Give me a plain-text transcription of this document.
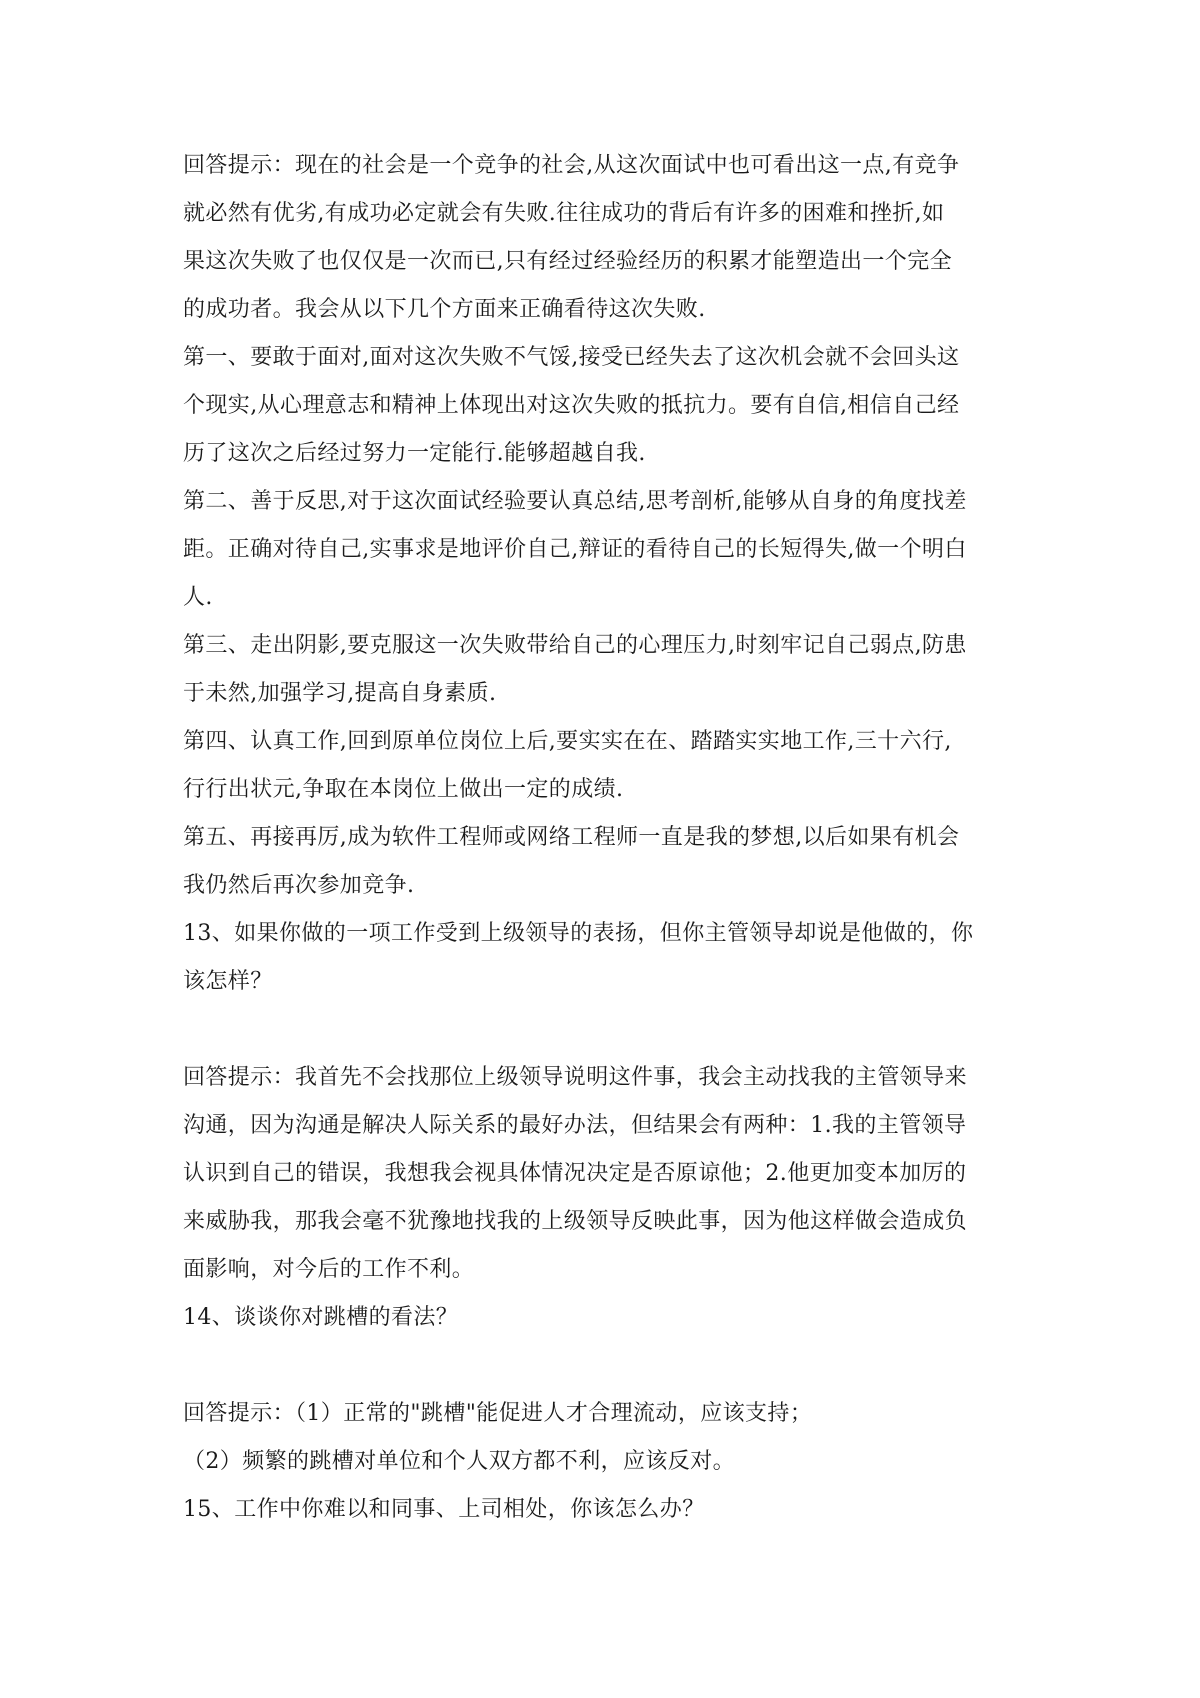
回答提示：现在的社会是一个竞争的社会,从这次面试中也可看出这一点,有竞争
就必然有优劣,有成功必定就会有失败.往往成功的背后有许多的困难和挫折,如
果这次失败了也仅仅是一次而已,只有经过经验经历的积累才能塑造出一个完全
的成功者。我会从以下几个方面来正确看待这次失败.
第一、要敢于面对,面对这次失败不气馁,接受已经失去了这次机会就不会回头这
个现实,从心理意志和精神上体现出对这次失败的抵抗力。要有自信,相信自己经
历了这次之后经过努力一定能行.能够超越自我.
第二、善于反思,对于这次面试经验要认真总结,思考剖析,能够从自身的角度找差
距。正确对待自己,实事求是地评价自己,辩证的看待自己的长短得失,做一个明白
人.
第三、走出阴影,要克服这一次失败带给自己的心理压力,时刻牢记自己弱点,防患
于未然,加强学习,提高自身素质.
第四、认真工作,回到原单位岗位上后,要实实在在、踏踏实实地工作,三十六行,
行行出状元,争取在本岗位上做出一定的成绩.
第五、再接再厉,成为软件工程师或网络工程师一直是我的梦想,以后如果有机会
我仍然后再次参加竞争.
13、如果你做的一项工作受到上级领导的表扬，但你主管领导却说是他做的，你
该怎样？
回答提示：我首先不会找那位上级领导说明这件事，我会主动找我的主管领导来
沟通，因为沟通是解决人际关系的最好办法，但结果会有两种：1.我的主管领导
认识到自己的错误，我想我会视具体情况决定是否原谅他；2.他更加变本加厉的
来威胁我，那我会毫不犹豫地找我的上级领导反映此事，因为他这样做会造成负
面影响，对今后的工作不利。
14、谈谈你对跳槽的看法？
回答提示：（1）正常的"跳槽"能促进人才合理流动，应该支持；
（2）频繁的跳槽对单位和个人双方都不利，应该反对。
15、工作中你难以和同事、上司相处，你该怎么办？
